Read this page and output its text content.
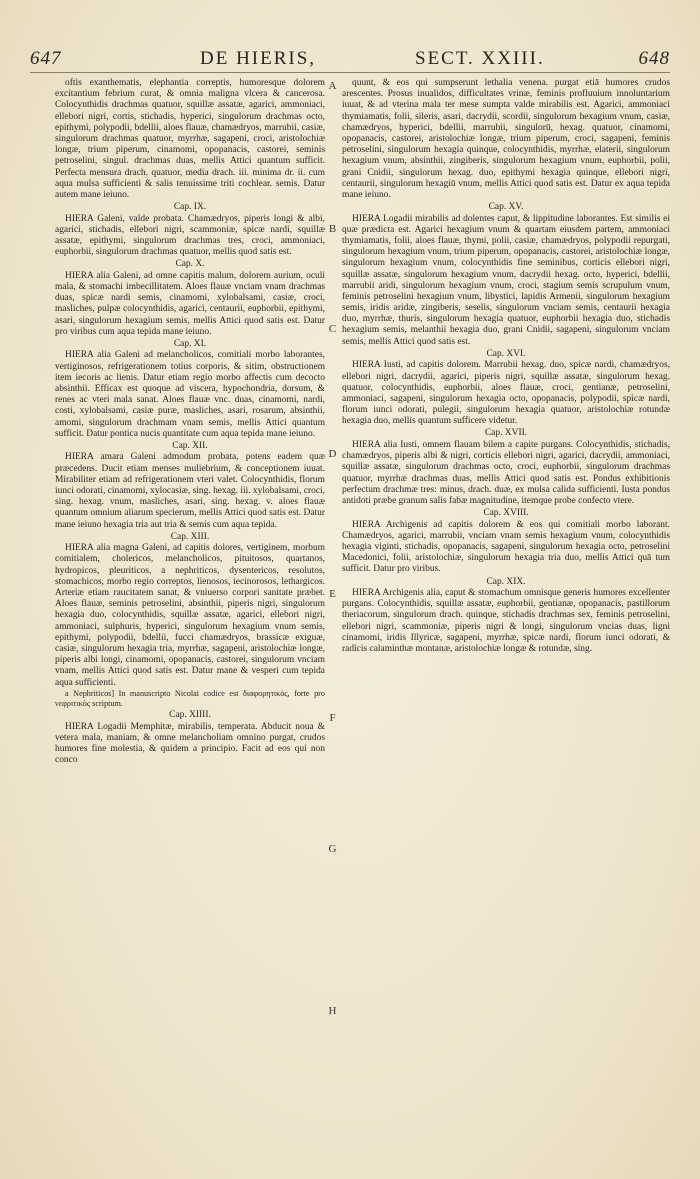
647	DE HIERIS,	SECT. XXIII.	648

oftis exanthematis, elephantia correptis, humoresque dolorem excitantium febrium curat, & omnia maligna vlcera & cancerosa. Colocynthidis drachmas quatuor, squillæ assatæ, agarici, ammoniaci, ellebori nigri, cortis, stichadis, hyperici, singulorum drachmas octo, epithymi, polypodii, bdellii, aloes flauæ, chamædryos, marrubii, casiæ, singulorum drachmas quatuor, myrrhæ, sagapeni, croci, aristolochiæ longæ, trium piperum, cinamomi, opopanacis, castorei, seminis petroselini, singul. drachmas duas, mellis Attici quantum sufficit. Perfecta mensura drach. quatuor, media drach. iii. minima dr. ii. cum aqua mulsa sufficienti & salis tenuissime triti cochlear. semis. Datur autem mane ieiuno.

Cap. IX.

HIERA Galeni, valde probata. Chamædryos, piperis longi & albi, agarici, stichadis, ellebori nigri, scammoniæ, spicæ nardi, squillæ assatæ, epithymi, singulorum drachmas tres, croci, ammoniaci, euphorbii, singulorum drachmas quatuor, mellis quod satis est.

Cap. X.

HIERA alia Galeni, ad omne capitis malum, dolorem aurium, oculi mala, & stomachi imbecillitatem. Aloes flauæ vnciam vnam drachmas duas, spicæ nardi semis, cinamomi, xylobalsami, casiæ, croci, masliches, pulpæ colocynthidis, agarici, centaurii, euphorbii, epithymi, asari, singulorum hexagium semis, mellis Attici quod satis est. Datur pro viribus cum aqua tepida mane ieiuno.

Cap. XI.

HIERA alia Galeni ad melancholicos, comitiali morbo laborantes, vertiginosos, refrigerationem totius corporis, & sitim, obstructionem item iecoris ac lienis. Datur etiam regio morbo affectis cum decocto absinthii. Efficax est quoque ad viscera, hypochondria, dorsum, & renes ac vteri mala sanat. Aloes flauæ vnc. duas, cinamomi, nardi, costi, xylobalsami, casiæ puræ, masliches, asari, rosarum, absinthii, amomi, singulorum drachmam vnam semis, mellis Attici quantum sufficit. Datur pontica nucis quantitate cum aqua tepida mane ieiuno.

Cap. XII.

HIERA amara Galeni admodum probata, potens eadem quæ præcedens. Ducit etiam menses muliebrium, & conceptionem iuuat. Mirabiliter etiam ad refrigerationem vteri valet. Colocynthidis, florum iunci odorati, cinamomi, xylocasiæ, sing. hexag. iii. xylobalsami, croci, sing. hexag. vnum, masliches, asari, sing. hexag. v. aloes flauæ quantum omnium aliarum specierum, mellis Attici quod satis est. Datur mane ieiuno hexagia tria aut tria & semis cum aqua tepida.

Cap. XIII.

HIERA alia magna Galeni, ad capitis dolores, vertiginem, morbum comitialem, cholericos, melancholicos, pituitosos, quartanos, hydropicos, pleuriticos, a nephriticos, dysentericos, resolutos, stomachicos, morbo regio correptos, lienosos, iecinorosos, lethargicos. Arteriæ etiam raucitatem sanat, & vniuerso corpori sanitate præbet. Aloes flauæ, seminis petroselini, absinthii, piperis nigri, singulorum hexagia duo, colocynthidis, squillæ assatæ, agarici, ellebori nigri, ammoniaci, sulphuris, hyperici, singulorum hexagium vnum semis, epithymi, polypodii, bdellii, fucci chamædryos, brassicæ exiguæ, casiæ, singulorum hexagia tria, myrrhæ, sagapeni, aristolochiæ longæ, piperis albi longi, cinamomi, opopanacis, castorei, singulorum vnciam vnam, mellis Attici quod satis est. Datur mane & vesperi cum tepida aqua sufficienti.

a Nephriticos] In manuscripto Nicolai codice est διαφορητικὸς, forte pro νεφριτικὸς scriptum.

Cap. XIIII.

HIERA Logadii Memphitæ, mirabilis, temperata. Abducit noua & vetera mala, maniam, & omne melancholiam omnino purgat, crudos humores fine molestia, & quidem a principio. Facit ad eos qui non conco

quunt, & eos qui sumpserunt lethalia venena. purgat etiā humores crudos arescentes. Prosus inualidos, difficultates vrinæ, feminis profluuium innoluntarium iuuat, & ad vterina mala ter mese sumpta valde mirabilis est. Agarici, ammoniaci thymiamatis, folii, sileris, asari, dacrydii, scordii, singulorum hexagium vnum, casiæ, chamædryos, hyperici, bdellii, marrubii, singulorū, hexag. quatuor, cinamomi, opopanacis, castorei, aristolochiæ longæ, trium piperum, croci, sagapeni, feminis petroselini, singulorum hexagia quinque, colocynthidis, myrrhæ, elaterii, singulorum hexagium vnum, absinthii, zingiberis, singulorum hexagium vnum, euphorbii, polii, grani Cnidii, singulorum hexag. duo, epithymi hexagia quinque, ellebori nigri, centaurii, singulorum hexagiū vnum, mellis Attici quod satis est. Datur ex aqua tepida mane ieiuno.

Cap. XV.

HIERA Logadii mirabilis ad dolentes caput, & lippitudine laborantes. Est similis ei quæ prædicta est. Agarici hexagium vnum & quartam eiusdem partem, ammoniaci thymiamatis, folii, aloes flauæ, thymi, polii, casiæ, chamædryos, polypodii repurgati, singulorum hexagium vnum, trium piperum, opopanacis, castorei, aristolochiæ longæ, singulorum hexagium vnum, colocynthidis fine seminibus, corticis ellebori nigri, squillæ assatæ, singulorum hexagium vnum, dacrydii hexag. octo, hyperici, bdellii, marrubii aridi, singulorum hexagium vnum, croci, stagium semis scrupulum vnum, feminis petroselini hexagium vnum, libystici, lapidis Armenii, singulorum hexagium semis, iridis aridæ, zingiberis, seselis, singulorum vnciam semis, centaurii hexagia duo, myrrhæ, thuris, singulorum hexagia quatuor, euphorbii hexagia duo, stichadis hexagium semis, melanthii hexagia duo, grani Cnidii, sagapeni, singulorum vnciam semis, mellis Attici quod satis est.

Cap. XVI.

HIERA Iusti, ad capitis dolorem. Marrubii hexag. duo, spicæ nardi, chamædryos, ellebori nigri, dacrydii, agarici, piperis nigri, squillæ assatæ, singulorum hexag. quatuor, colocynthidis, euphorbii, aloes flauæ, croci, gentianæ, petroselini, ammoniaci, sagapeni, singulorum hexagia octo, opopanacis, polypodii, spicæ nardi, florum iunci odorati, pulegii, singulorum hexagia quatuor, aristolochiæ rotundæ hexagia duo, mellis quantum sufficere videtur.

Cap. XVII.

HIERA alia Iusti, omnem flauam bilem a capite purgans. Colocynthidis, stichadis, chamædryos, piperis albi & nigri, corticis ellebori nigri, agarici, dacrydii, ammoniaci, squillæ assatæ, singulorum drachmas octo, croci, euphorbii, singulorum drachmas quatuor, myrrhæ drachmas duas, mellis Attici quod satis est. Pondus exhibitionis perfectum drachmæ tres: minus, drach. duæ, ex mulsa calida sufficienti. Iusta pondus antidoti præbe granum salis fabæ magnitudine, itemque probe confecto vtere.

Cap. XVIII.

HIERA Archigenis ad capitis dolorem & eos qui comitiali morbo laborant. Chamædryos, agarici, marrubii, vnciam vnam semis hexagium vnum, colocynthidis hexagia viginti, stichadis, opopanacis, sagapeni, singulorum hexagia octo, petroselini Macedonici, folii, aristolochiæ, singulorum hexagia tria duo, mellis Attici quā tum sufficit. Datur pro viribus.

Cap. XIX.

HIERA Archigenis alia, caput & stomachum omnisque generis humores excellenter purgans. Colocynthidis, squillæ assatæ, euphorbii, gentianæ, opopanacis, pastillorum theriacorum, singulorum drach. quinque, stichadis drachmas sex, feminis petroselini, ellebori nigri, scammoniæ, piperis nigri & longi, singulorum vncias duas, ligni cinamomi, iridis Illyricæ, sagapeni, myrrhæ, spicæ nardi, florum iunci odorati, & radicis calaminthæ montanæ, aristolochiæ longæ & rotundæ, sing.

A
B
C
D
E
F
G
H
